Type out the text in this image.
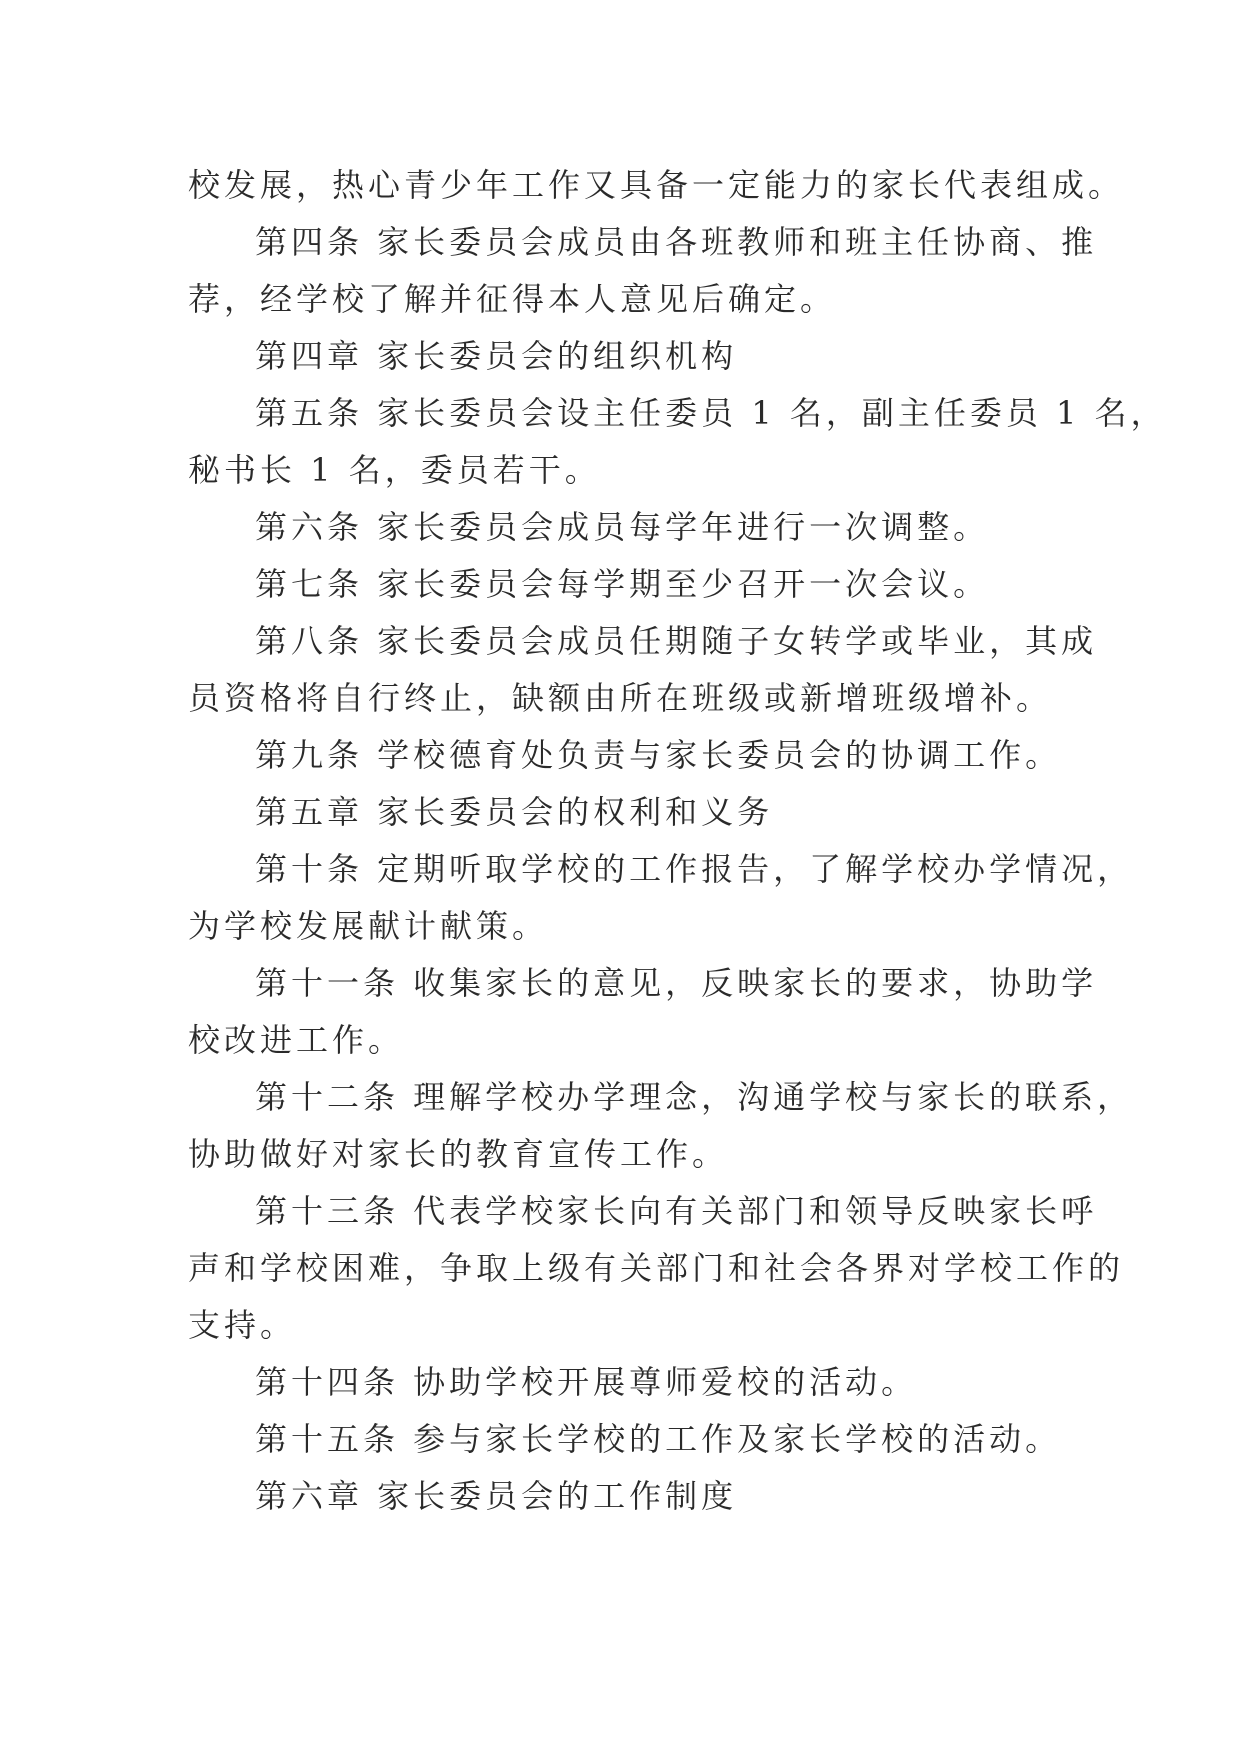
校发展，热心青少年工作又具备一定能力的家长代表组成。
第四条 家长委员会成员由各班教师和班主任协商、推
荐，经学校了解并征得本人意见后确定。
第四章 家长委员会的组织机构
第五条 家长委员会设主任委员 1 名，副主任委员 1 名，
秘书长 1 名，委员若干。
第六条 家长委员会成员每学年进行一次调整。
第七条 家长委员会每学期至少召开一次会议。
第八条 家长委员会成员任期随子女转学或毕业，其成
员资格将自行终止，缺额由所在班级或新增班级增补。
第九条 学校德育处负责与家长委员会的协调工作。
第五章 家长委员会的权利和义务
第十条 定期听取学校的工作报告，了解学校办学情况，
为学校发展献计献策。
第十一条 收集家长的意见，反映家长的要求，协助学
校改进工作。
第十二条 理解学校办学理念，沟通学校与家长的联系，
协助做好对家长的教育宣传工作。
第十三条 代表学校家长向有关部门和领导反映家长呼
声和学校困难，争取上级有关部门和社会各界对学校工作的
支持。
第十四条 协助学校开展尊师爱校的活动。
第十五条 参与家长学校的工作及家长学校的活动。
第六章 家长委员会的工作制度
